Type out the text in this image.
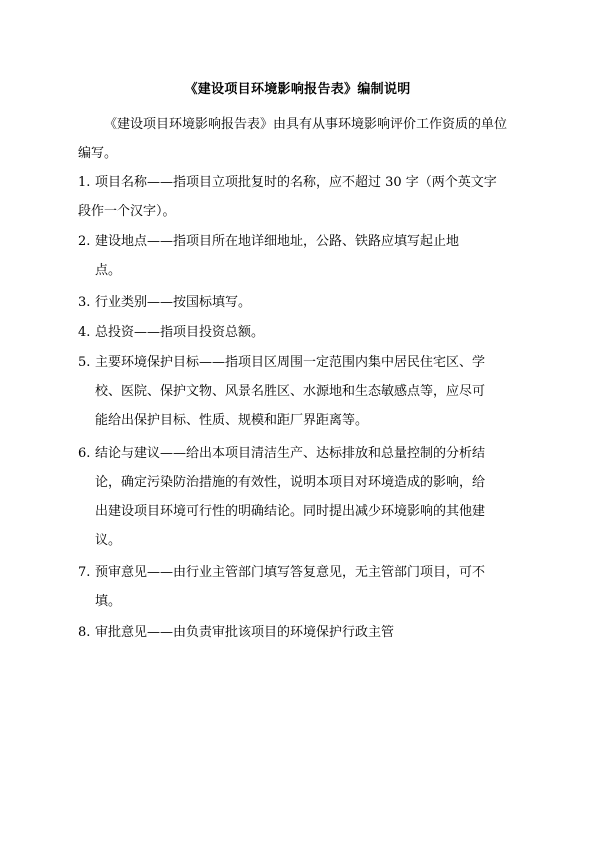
《建设项目环境影响报告表》编制说明
《建设项目环境影响报告表》由具有从事环境影响评价工作资质的单位编写。
1. 项目名称——指项目立项批复时的名称，应不超过 30 字（两个英文字
段作一个汉字）。
2. 建设地点——指项目所在地详细地址，公路、铁路应填写起止地
点。
3. 行业类别——按国标填写。
4. 总投资——指项目投资总额。
5. 主要环境保护目标——指项目区周围一定范围内集中居民住宅区、学
校、医院、保护文物、风景名胜区、水源地和生态敏感点等，应尽可
能给出保护目标、性质、规模和距厂界距离等。
6. 结论与建议——给出本项目清洁生产、达标排放和总量控制的分析结
论，确定污染防治措施的有效性，说明本项目对环境造成的影响，给
出建设项目环境可行性的明确结论。同时提出减少环境影响的其他建
议。
7. 预审意见——由行业主管部门填写答复意见，无主管部门项目，可不
填。
8. 审批意见——由负责审批该项目的环境保护行政主管
